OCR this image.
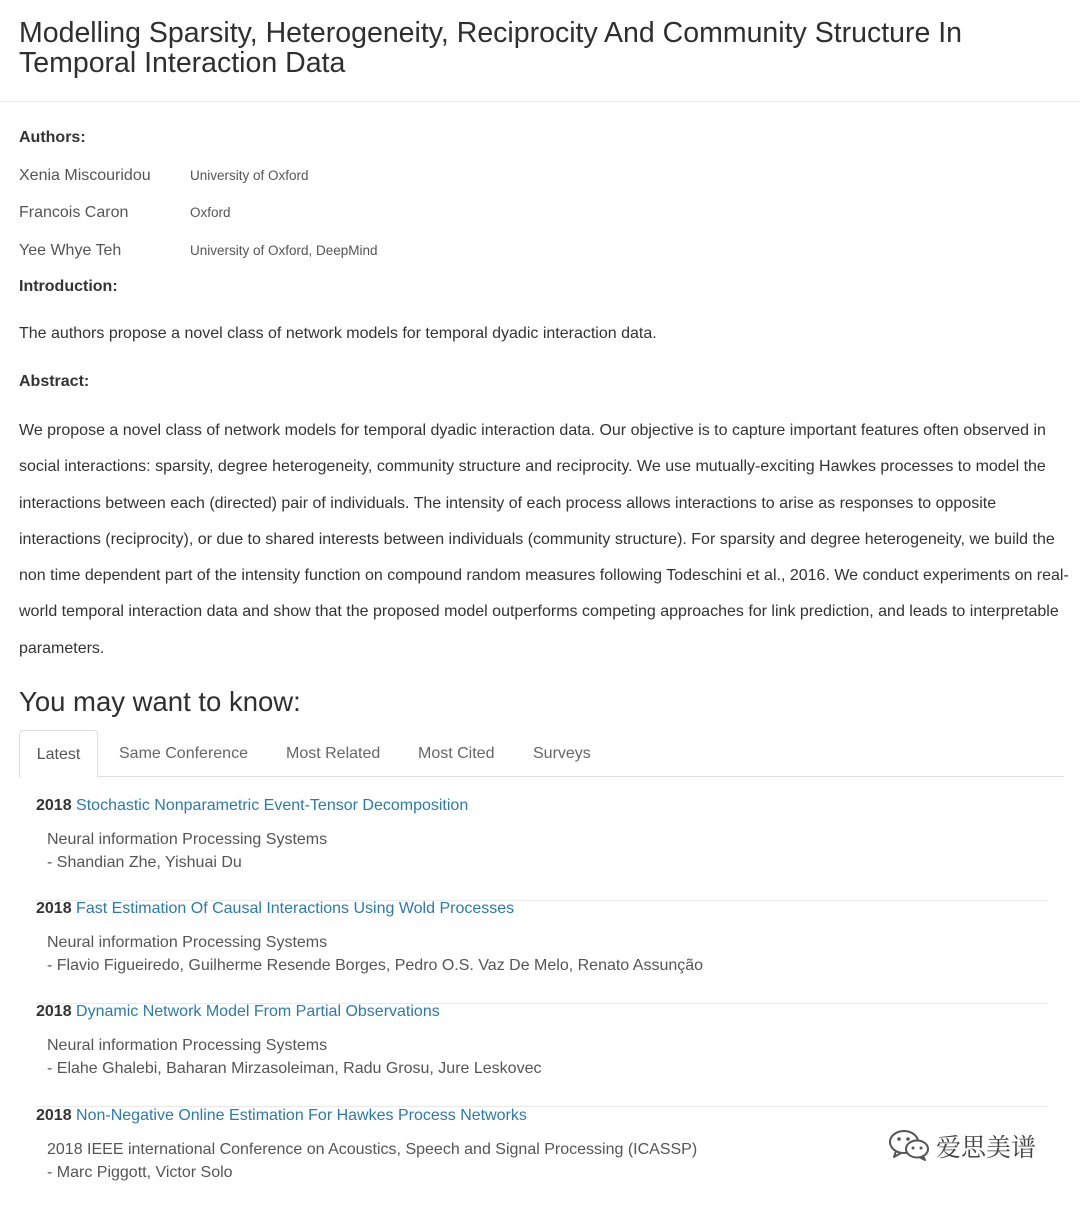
Modelling Sparsity, Heterogeneity, Reciprocity And Community Structure In Temporal Interaction Data
Authors:
Xenia Miscouridou	University of Oxford
Francois Caron	Oxford
Yee Whye Teh	University of Oxford, DeepMind
Introduction:
The authors propose a novel class of network models for temporal dyadic interaction data.
Abstract:

We propose a novel class of network models for temporal dyadic interaction data. Our objective is to capture important features often observed in social interactions: sparsity, degree heterogeneity, community structure and reciprocity. We use mutually-exciting Hawkes processes to model the interactions between each (directed) pair of individuals. The intensity of each process allows interactions to arise as responses to opposite interactions (reciprocity), or due to shared interests between individuals (community structure). For sparsity and degree heterogeneity, we build the non time dependent part of the intensity function on compound random measures following Todeschini et al., 2016. We conduct experiments on real-world temporal interaction data and show that the proposed model outperforms competing approaches for link prediction, and leads to interpretable parameters.

You may want to know:
Latest	Same Conference Most Related Most Cited Surveys
2018 Stochastic Nonparametric Event-Tensor Decomposition
Neural information Processing Systems
- Shandian Zhe, Yishuai Du
2018 Fast Estimation Of Causal Interactions Using Wold Processes
Neural information Processing Systems
- Flavio Figueiredo, Guilherme Resende Borges, Pedro O.S. Vaz De Melo, Renato Assunção
2018 Dynamic Network Model From Partial Observations
Neural information Processing Systems
- Elahe Ghalebi, Baharan Mirzasoleiman, Radu Grosu, Jure Leskovec
2018 Non-Negative Online Estimation For Hawkes Process Networks
2018 IEEE international Conference on Acoustics, Speech and Signal Processing (ICASSP)
- Marc Piggott, Victor Solo
爱思美谱
